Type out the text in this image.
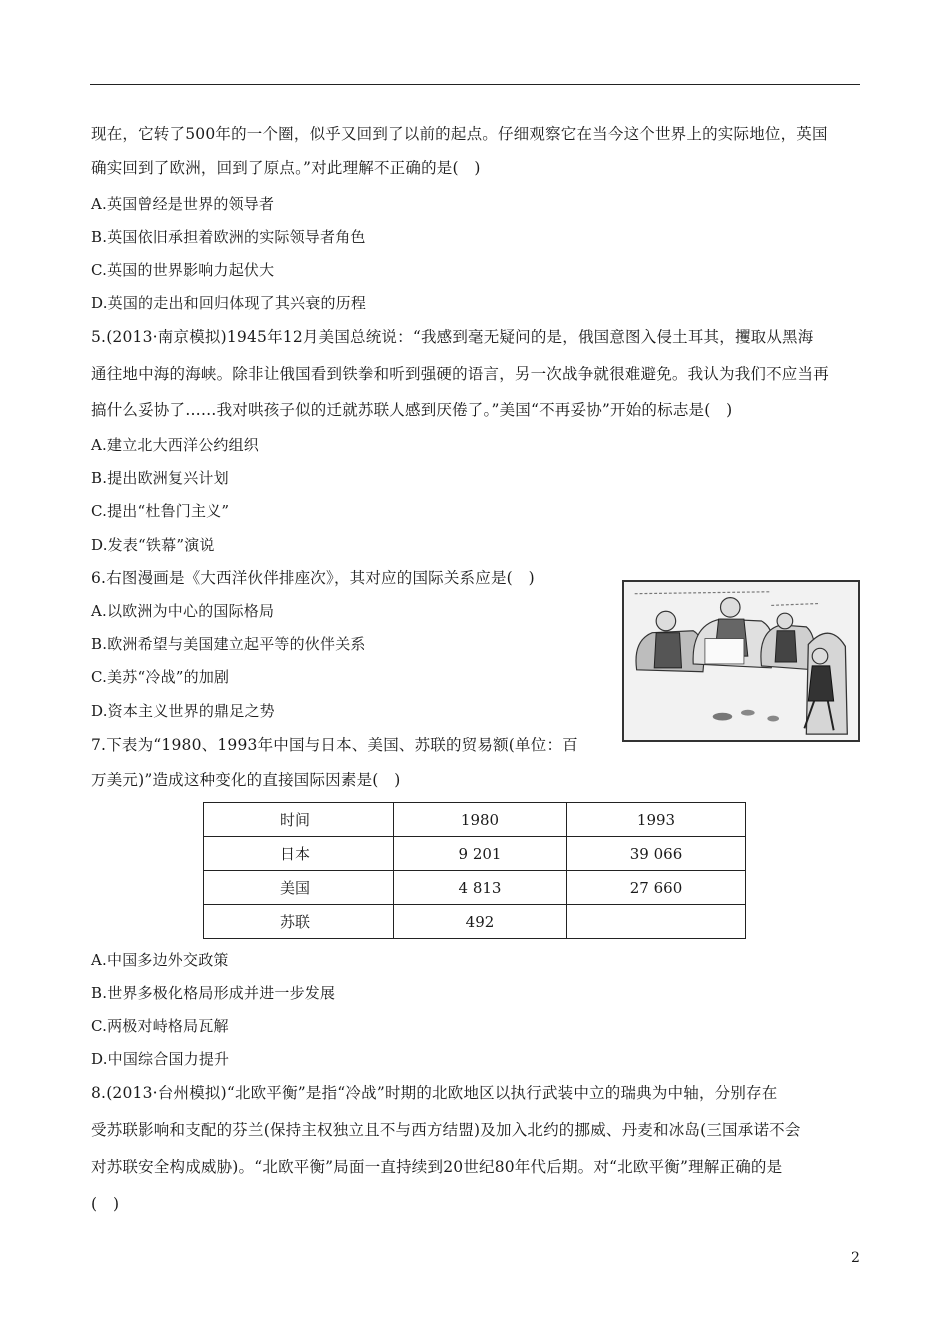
现在，它转了500年的一个圈，似乎又回到了以前的起点。仔细观察它在当今这个世界上的实际地位，英国
确实回到了欧洲，回到了原点。”对此理解不正确的是(　)
A.英国曾经是世界的领导者
B.英国依旧承担着欧洲的实际领导者角色
C.英国的世界影响力起伏大
D.英国的走出和回归体现了其兴衰的历程
5.(2013·南京模拟)1945年12月美国总统说：“我感到毫无疑问的是，俄国意图入侵土耳其，攫取从黑海
通往地中海的海峡。除非让俄国看到铁拳和听到强硬的语言，另一次战争就很难避免。我认为我们不应当再
搞什么妥协了……我对哄孩子似的迁就苏联人感到厌倦了。”美国“不再妥协”开始的标志是(　)
A.建立北大西洋公约组织
B.提出欧洲复兴计划
C.提出“杜鲁门主义”
D.发表“铁幕”演说
6.右图漫画是《大西洋伙伴排座次》，其对应的国际关系应是(　)
A.以欧洲为中心的国际格局
B.欧洲希望与美国建立起平等的伙伴关系
C.美苏“冷战”的加剧
D.资本主义世界的鼎足之势
7.下表为“1980、1993年中国与日本、美国、苏联的贸易额(单位：百
万美元)”造成这种变化的直接国际因素是(　)
时间	1980	1993
日本	9 201	39 066
美国	4 813	27 660
苏联	492	
A.中国多边外交政策
B.世界多极化格局形成并进一步发展
C.两极对峙格局瓦解
D.中国综合国力提升
8.(2013·台州模拟)“北欧平衡”是指“冷战”时期的北欧地区以执行武装中立的瑞典为中轴，分别存在
受苏联影响和支配的芬兰(保持主权独立且不与西方结盟)及加入北约的挪威、丹麦和冰岛(三国承诺不会
对苏联安全构成威胁)。“北欧平衡”局面一直持续到20世纪80年代后期。对“北欧平衡”理解正确的是
(　)
2
